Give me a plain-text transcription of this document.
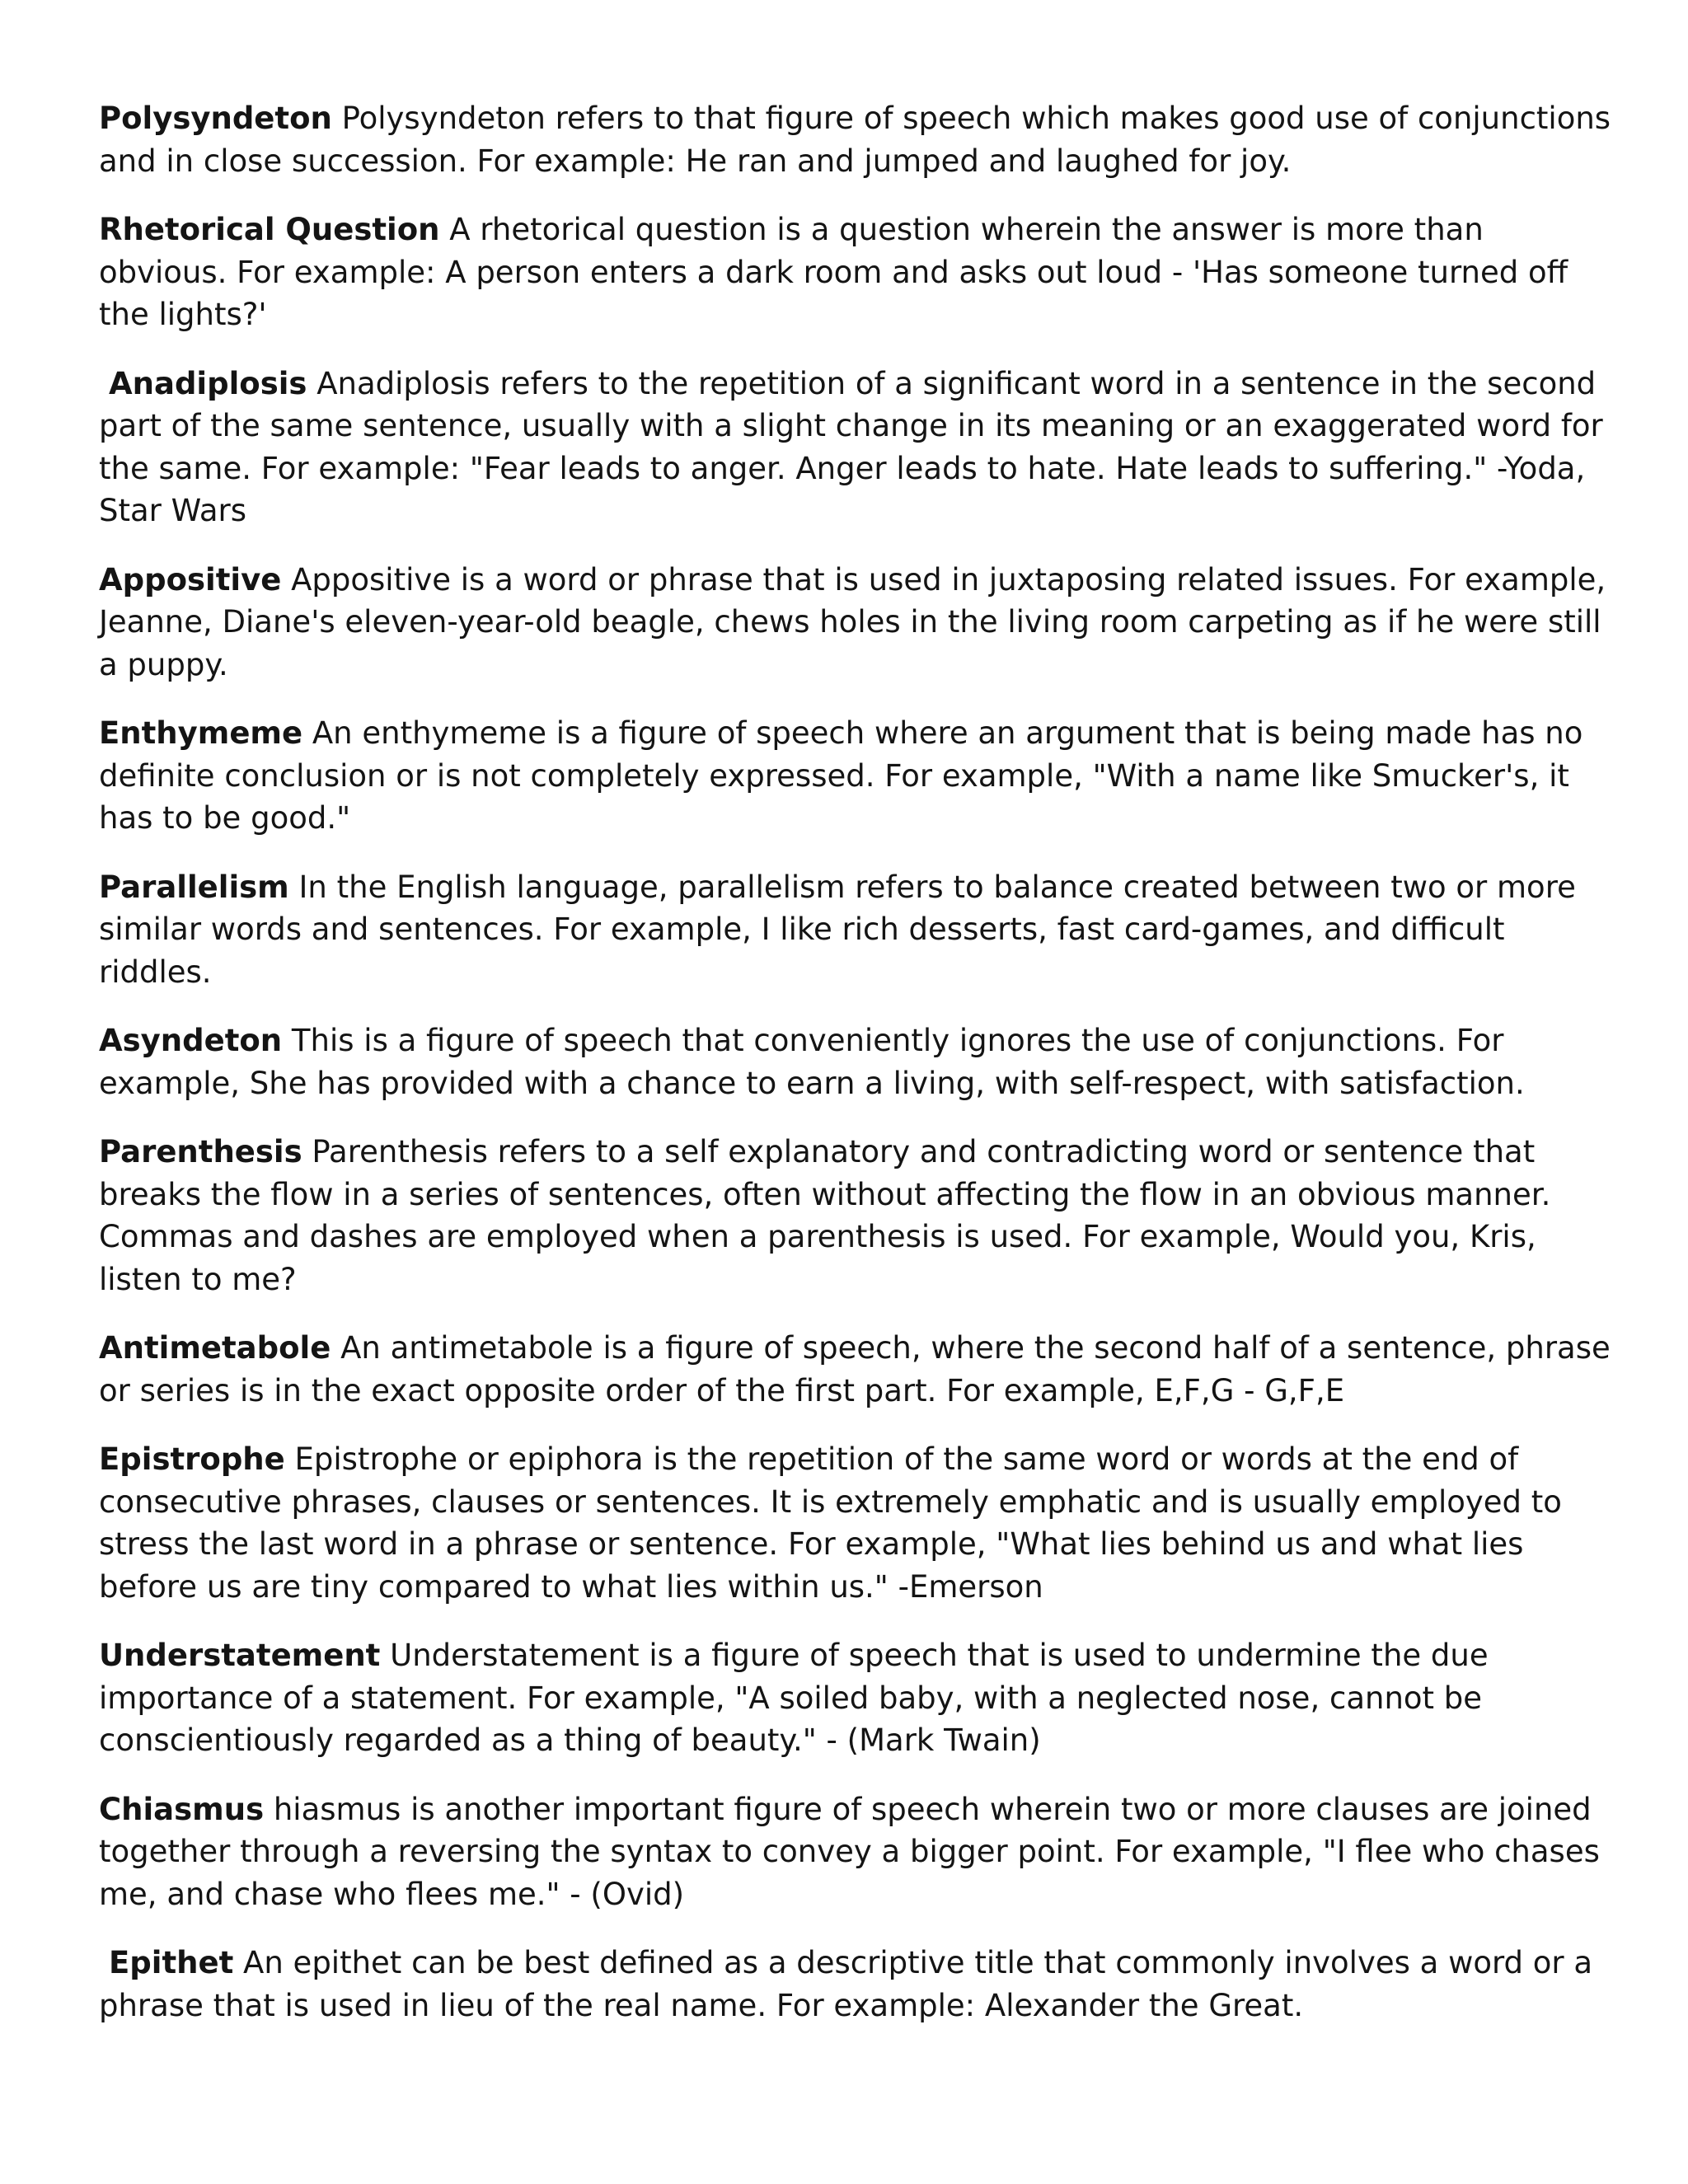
Polysyndeton Polysyndeton refers to that figure of speech which makes good use of conjunctions and in close succession. For example: He ran and jumped and laughed for joy.

Rhetorical Question A rhetorical question is a question wherein the answer is more than obvious. For example: A person enters a dark room and asks out loud - 'Has someone turned off the lights?'

Anadiplosis Anadiplosis refers to the repetition of a significant word in a sentence in the second part of the same sentence, usually with a slight change in its meaning or an exaggerated word for the same. For example: "Fear leads to anger. Anger leads to hate. Hate leads to suffering." -Yoda, Star Wars

Appositive Appositive is a word or phrase that is used in juxtaposing related issues. For example, Jeanne, Diane's eleven-year-old beagle, chews holes in the living room carpeting as if he were still a puppy.

Enthymeme An enthymeme is a figure of speech where an argument that is being made has no definite conclusion or is not completely expressed. For example, "With a name like Smucker's, it has to be good."

Parallelism In the English language, parallelism refers to balance created between two or more similar words and sentences. For example, I like rich desserts, fast card-games, and difficult riddles.

Asyndeton This is a figure of speech that conveniently ignores the use of conjunctions. For example, She has provided with a chance to earn a living, with self-respect, with satisfaction.

Parenthesis Parenthesis refers to a self explanatory and contradicting word or sentence that breaks the flow in a series of sentences, often without affecting the flow in an obvious manner. Commas and dashes are employed when a parenthesis is used. For example, Would you, Kris, listen to me?

Antimetabole An antimetabole is a figure of speech, where the second half of a sentence, phrase or series is in the exact opposite order of the first part. For example, E,F,G - G,F,E

Epistrophe Epistrophe or epiphora is the repetition of the same word or words at the end of consecutive phrases, clauses or sentences. It is extremely emphatic and is usually employed to stress the last word in a phrase or sentence. For example, "What lies behind us and what lies before us are tiny compared to what lies within us." -Emerson

Understatement Understatement is a figure of speech that is used to undermine the due importance of a statement. For example, "A soiled baby, with a neglected nose, cannot be conscientiously regarded as a thing of beauty." - (Mark Twain)

Chiasmus hiasmus is another important figure of speech wherein two or more clauses are joined together through a reversing the syntax to convey a bigger point. For example, "I flee who chases me, and chase who flees me." - (Ovid)

Epithet An epithet can be best defined as a descriptive title that commonly involves a word or a phrase that is used in lieu of the real name. For example: Alexander the Great.
